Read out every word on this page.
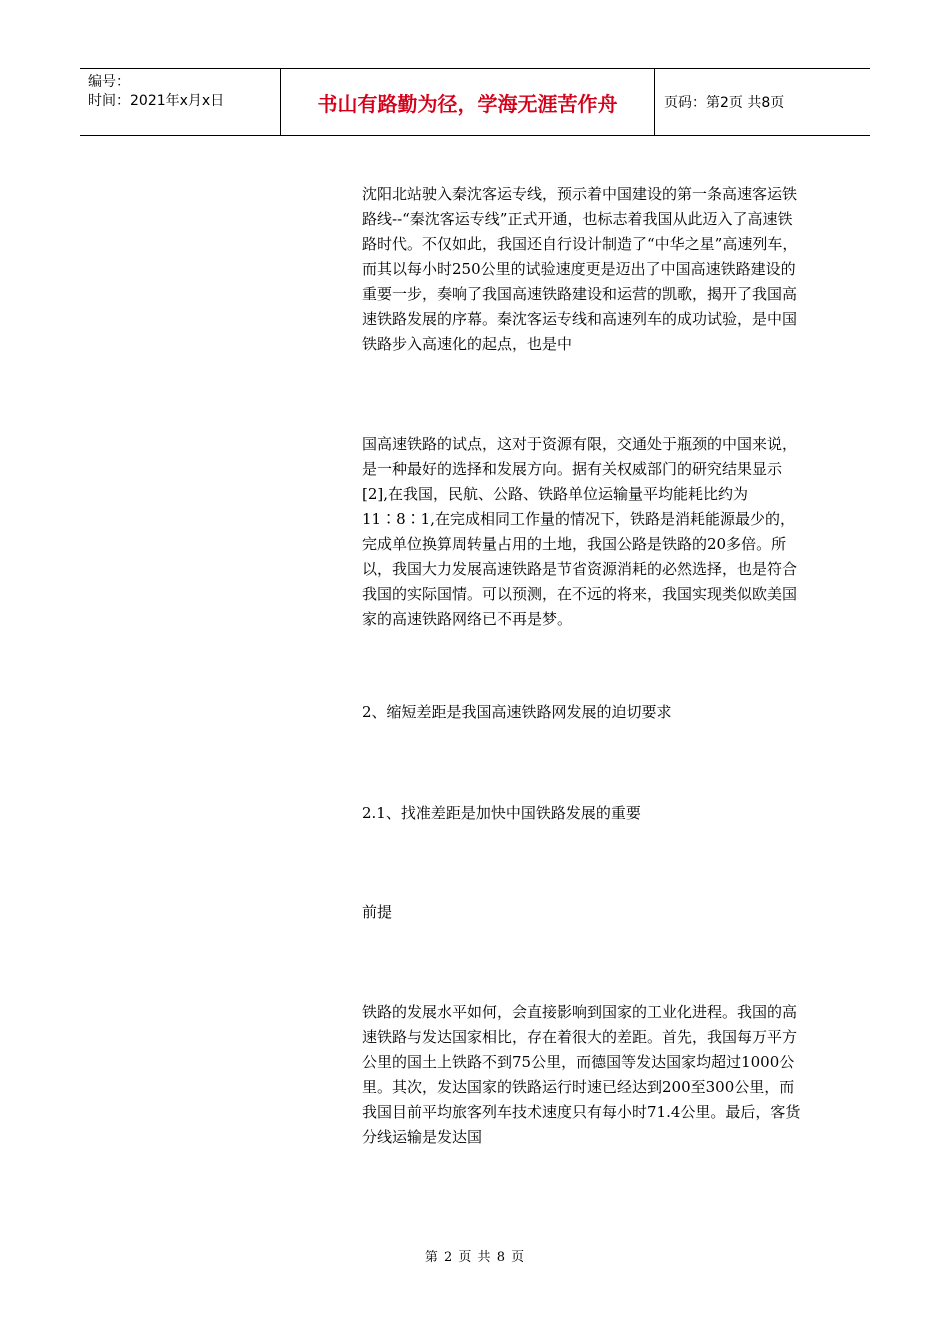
编号：
时间：2021年x月x日	书山有路勤为径，学海无涯苦作舟	页码：第2页 共8页

沈阳北站驶入秦沈客运专线，预示着中国建设的第一条高速客运铁路线--“秦沈客运专线”正式开通，也标志着我国从此迈入了高速铁路时代。不仅如此，我国还自行设计制造了“中华之星”高速列车，而其以每小时250公里的试验速度更是迈出了中国高速铁路建设的重要一步，奏响了我国高速铁路建设和运营的凯歌，揭开了我国高速铁路发展的序幕。秦沈客运专线和高速列车的成功试验，是中国铁路步入高速化的起点，也是中

国高速铁路的试点，这对于资源有限，交通处于瓶颈的中国来说，是一种最好的选择和发展方向。据有关权威部门的研究结果显示[2],在我国，民航、公路、铁路单位运输量平均能耗比约为11∶8∶1,在完成相同工作量的情况下，铁路是消耗能源最少的，完成单位换算周转量占用的土地，我国公路是铁路的20多倍。所以，我国大力发展高速铁路是节省资源消耗的必然选择，也是符合我国的实际国情。可以预测，在不远的将来，我国实现类似欧美国家的高速铁路网络已不再是梦。

2、缩短差距是我国高速铁路网发展的迫切要求

2.1、找准差距是加快中国铁路发展的重要

前提

铁路的发展水平如何，会直接影响到国家的工业化进程。我国的高速铁路与发达国家相比，存在着很大的差距。首先，我国每万平方公里的国土上铁路不到75公里，而德国等发达国家均超过1000公里。其次，发达国家的铁路运行时速已经达到200至300公里，而我国目前平均旅客列车技术速度只有每小时71.4公里。最后，客货分线运输是发达国

第 2 页 共 8 页
